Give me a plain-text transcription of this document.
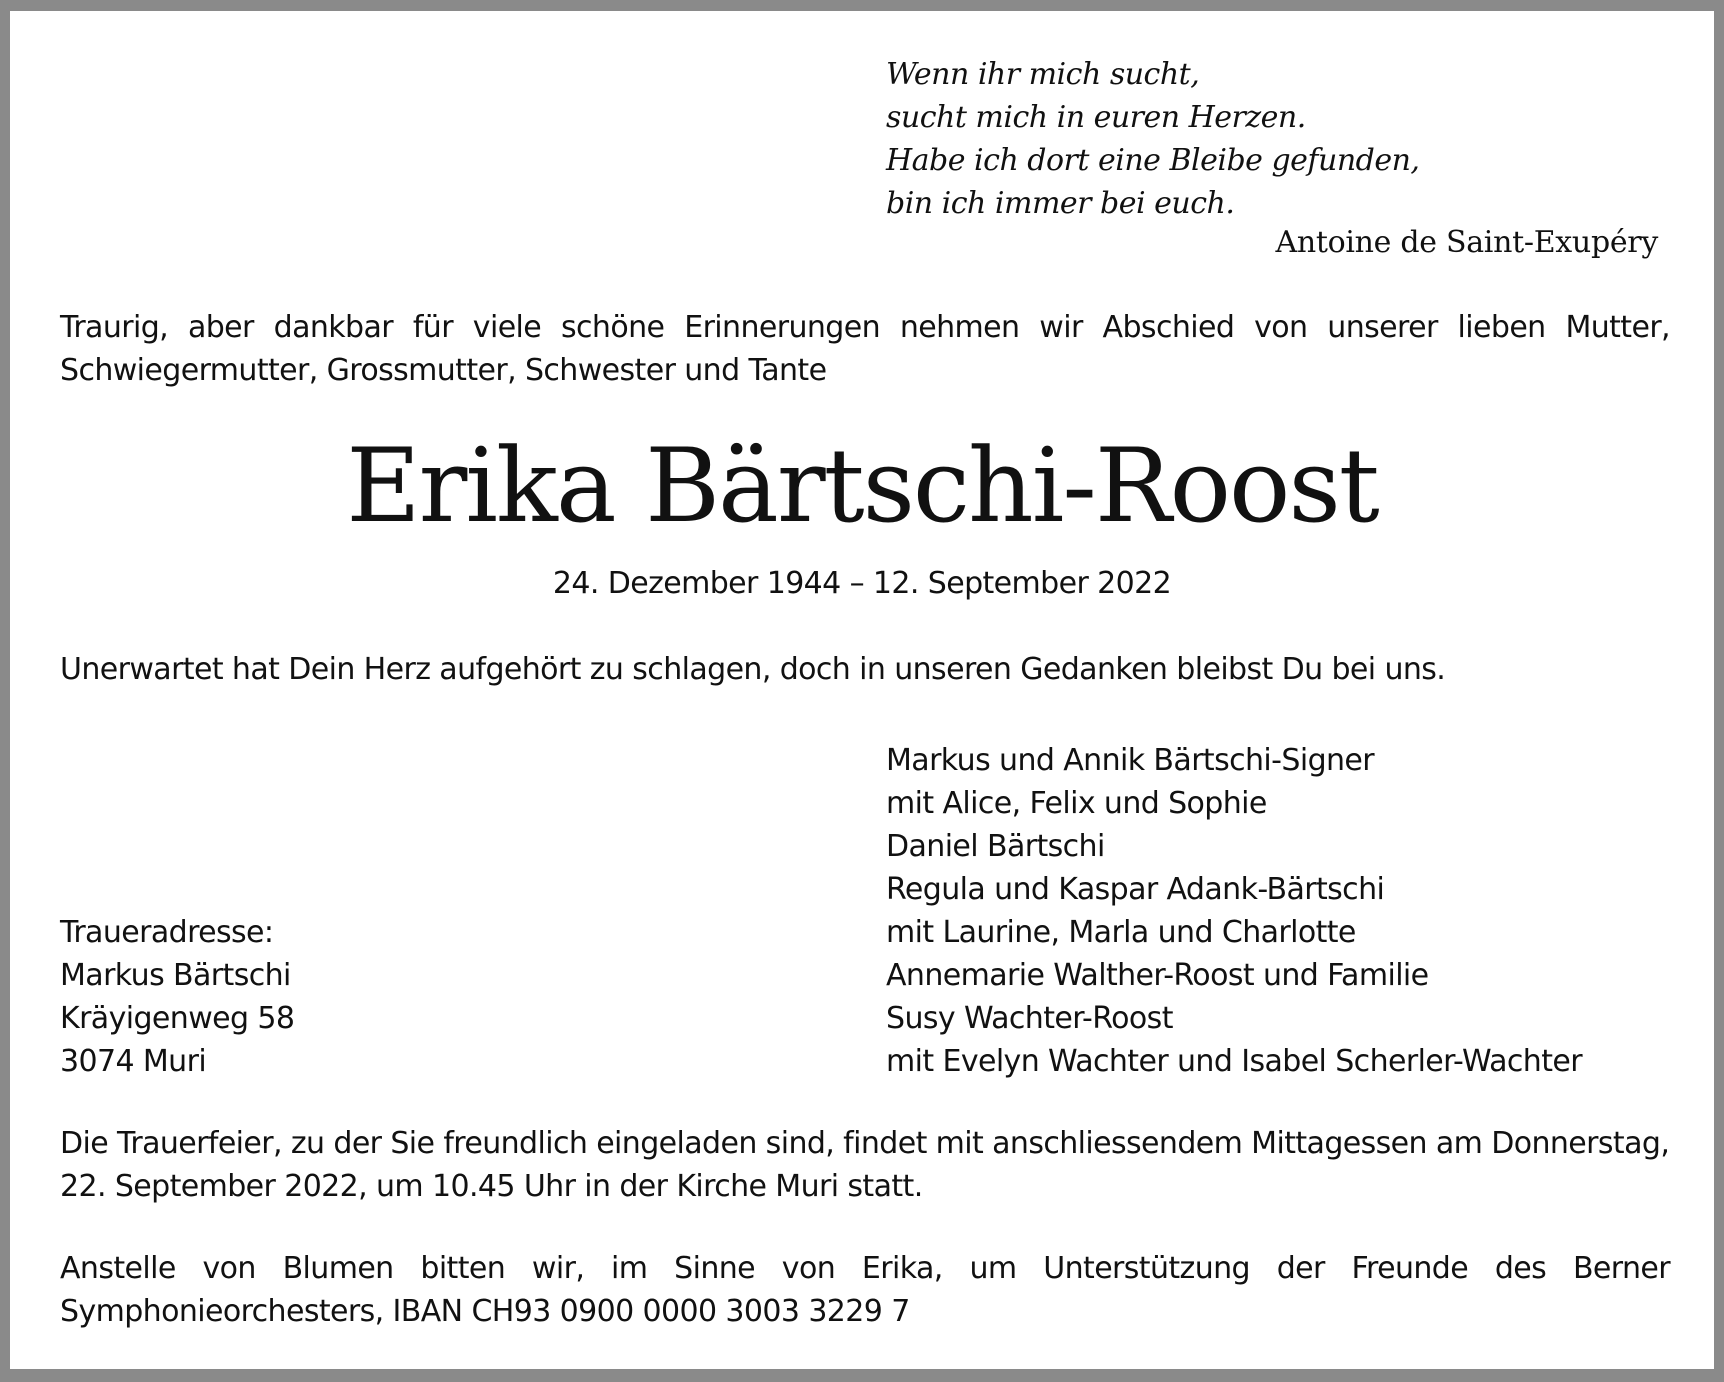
Wenn ihr mich sucht,
sucht mich in euren Herzen.
Habe ich dort eine Bleibe gefunden,
bin ich immer bei euch.
Antoine de Saint-Exupéry

Traurig, aber dankbar für viele schöne Erinnerungen nehmen wir Abschied von unserer lieben Mutter, Schwiegermutter, Grossmutter, Schwester und Tante

Erika Bärtschi-Roost
24. Dezember 1944 – 12. September 2022

Unerwartet hat Dein Herz aufgehört zu schlagen, doch in unseren Gedanken bleibst Du bei uns.

Markus und Annik Bärtschi-Signer
mit Alice, Felix und Sophie
Daniel Bärtschi
Regula und Kaspar Adank-Bärtschi
mit Laurine, Marla und Charlotte
Annemarie Walther-Roost und Familie
Susy Wachter-Roost
mit Evelyn Wachter und Isabel Scherler-Wachter
Traueradresse:
Markus Bärtschi
Kräyigenweg 58
3074 Muri
Die Trauerfeier, zu der Sie freundlich eingeladen sind, findet mit anschliessendem Mittagessen am Donnerstag,
22. September 2022, um 10.45 Uhr in der Kirche Muri statt.

Anstelle von Blumen bitten wir, im Sinne von Erika, um Unterstützung der Freunde des Berner Symphonieorchesters, IBAN CH93 0900 0000 3003 3229 7
